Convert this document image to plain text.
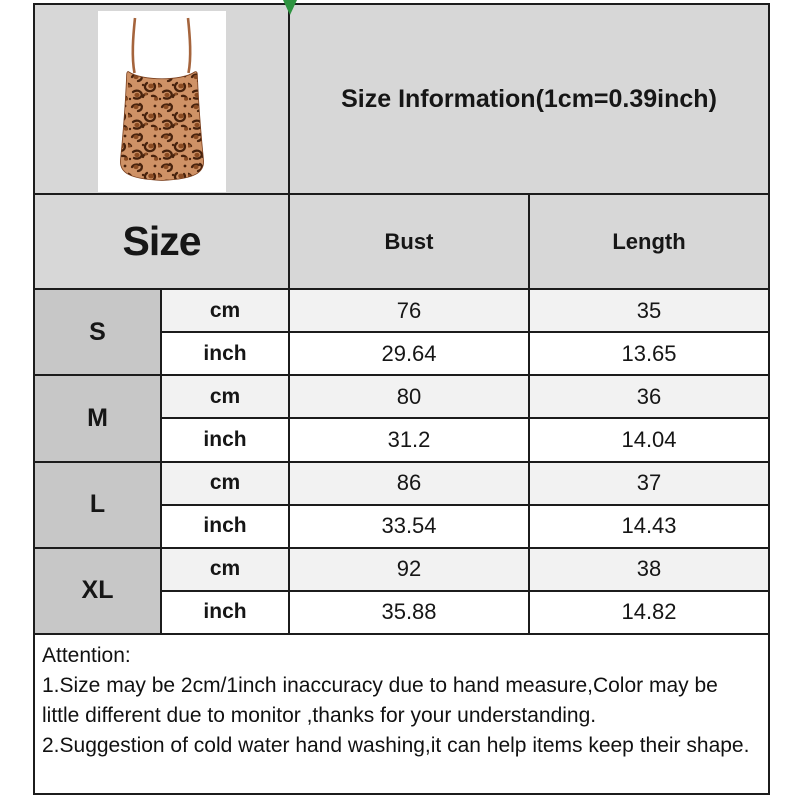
	Size Information(1cm=0.39inch)	
Size		Bust	Length
S	cm	76	35
	inch	29.64	13.65
M	cm	80	36
	inch	31.2	14.04
L	cm	86	37
	inch	33.54	14.43
XL	cm	92	38
	inch	35.88	14.82

Attention:
1.Size may be 2cm/1inch inaccuracy due to hand measure,Color may be little different due to monitor ,thanks for your understanding.
2.Suggestion of cold water hand washing,it can help items keep their shape.			
